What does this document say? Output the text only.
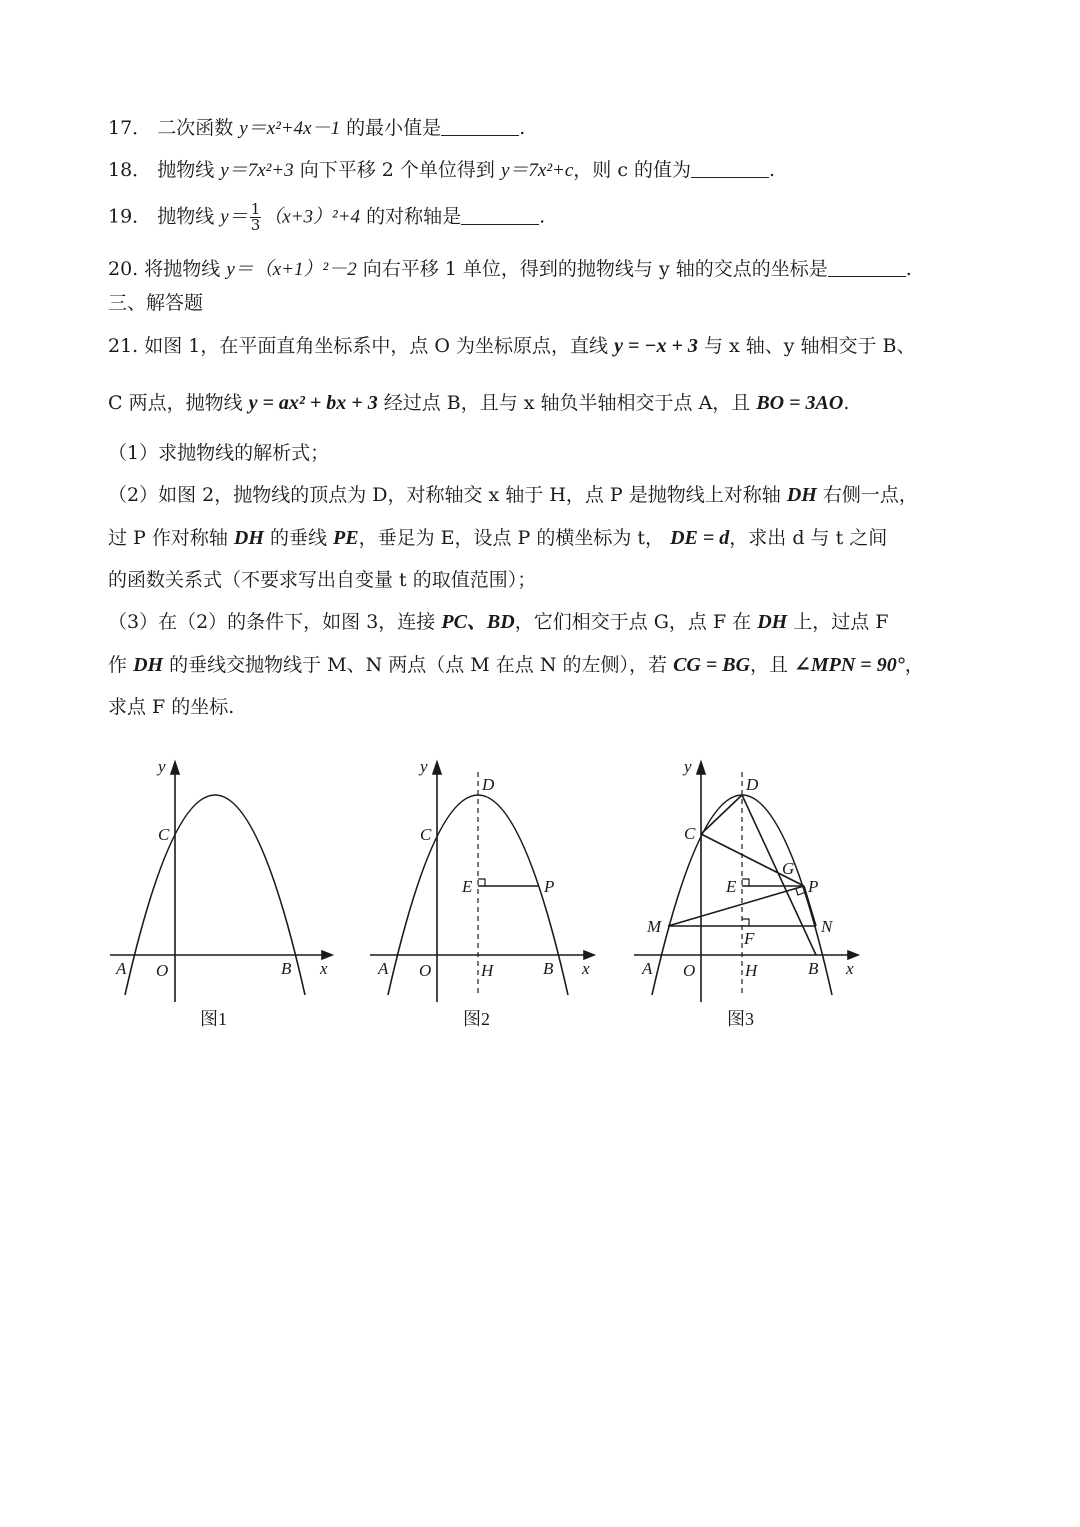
17． 二次函数 y＝x²+4x－1 的最小值是	.
18． 抛物线 y＝7x²+3 向下平移 2 个单位得到 y＝7x²+c，则 c 的值为	.
19． 抛物线 $y= \frac{1}{3} (x+3)^2+4$ 的对称轴是	.
20. 将抛物线 y＝（x+1）²－2 向右平移 1 单位，得到的抛物线与 y 轴的交点的坐标是	.
三、解答题
21. 如图 1，在平面直角坐标系中，点 O 为坐标原点，直线 y = −x + 3 与 x 轴、y 轴相交于 B、
C 两点，抛物线 y = ax² + bx + 3 经过点 B，且与 x 轴负半轴相交于点 A，且 BO = 3AO.
（1）求抛物线的解析式；
（2）如图 2，抛物线的顶点为 D，对称轴交 x 轴于 H，点 P 是抛物线上对称轴 DH 右侧一点，
过 P 作对称轴 DH 的垂线 PE，垂足为 E，设点 P 的横坐标为 t， DE = d，求出 d 与 t 之间
的函数关系式（不要求写出自变量 t 的取值范围）；
（3）在（2）的条件下，如图 3，连接 PC、BD，它们相交于点 G，点 F 在 DH 上，过点 F
作 DH 的垂线交抛物线于 M、N 两点（点 M 在点 N 的左侧），若 CG = BG，且 ∠MPN = 90°，
求点 F 的坐标.
y
x
C
A O	B
图1
y
x
D
C
E	P
A O	H	B
图2
y
x
D
C
G
E	P
M	N
F
A O	H	B
图3
